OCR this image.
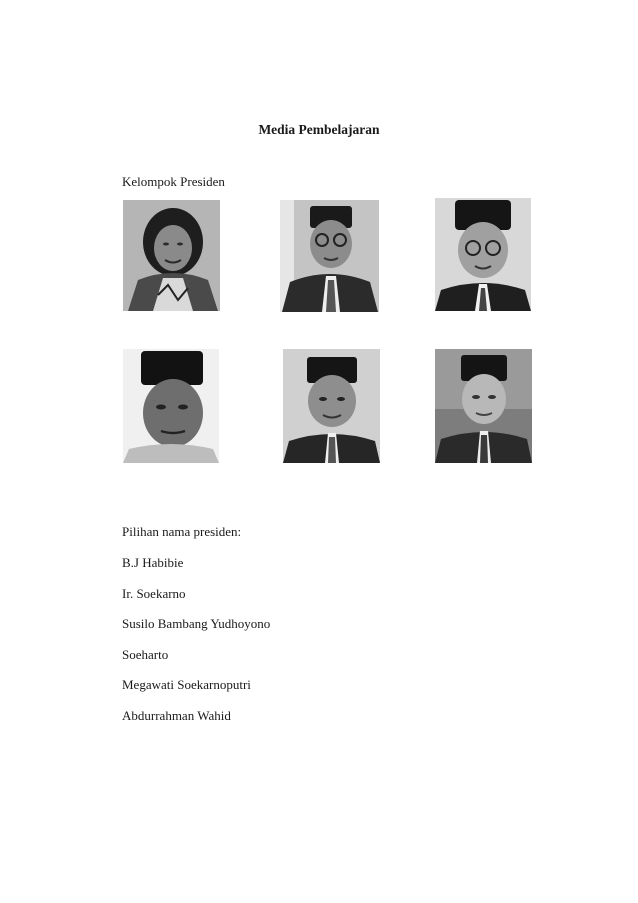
Media Pembelajaran
Kelompok Presiden
Pilihan nama presiden:
B.J Habibie
Ir. Soekarno
Susilo Bambang Yudhoyono
Soeharto
Megawati Soekarnoputri
Abdurrahman Wahid
